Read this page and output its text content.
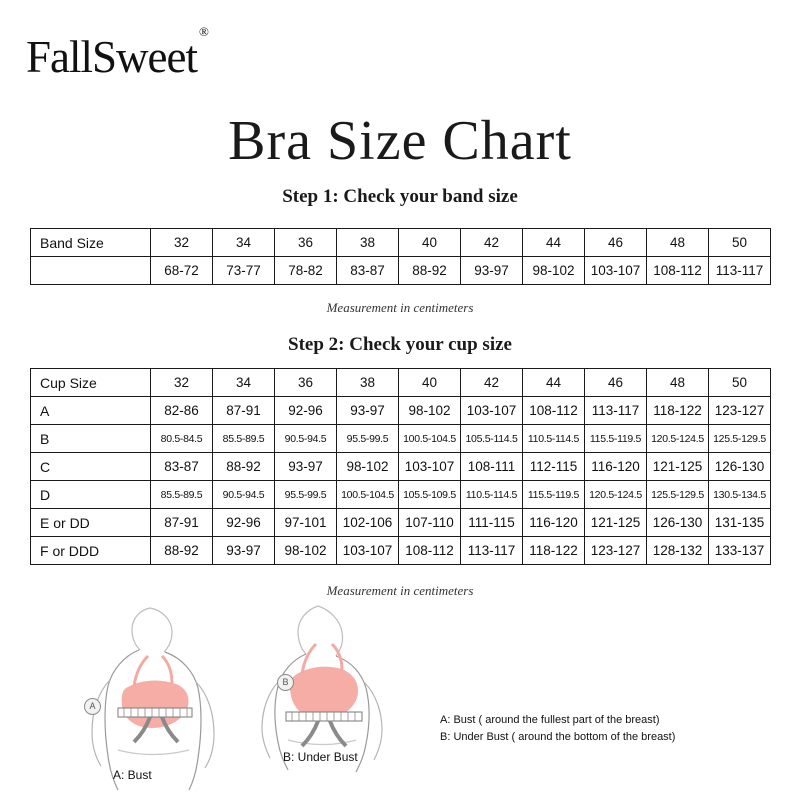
FallSweet®
Bra Size Chart
Step 1: Check your band size
Band Size	32	34	36	38	40	42	44	46	48	50
	68-72	73-77	78-82	83-87	88-92	93-97	98-102	103-107	108-112	113-117
Measurement in centimeters
Step 2: Check your cup size
Cup Size	32	34	36	38	40	42	44	46	48	50
A	82-86	87-91	92-96	93-97	98-102	103-107	108-112	113-117	118-122	123-127
B	80.5-84.5	85.5-89.5	90.5-94.5	95.5-99.5	100.5-104.5	105.5-114.5	110.5-114.5	115.5-119.5	120.5-124.5	125.5-129.5
C	83-87	88-92	93-97	98-102	103-107	108-111	112-115	116-120	121-125	126-130
D	85.5-89.5	90.5-94.5	95.5-99.5	100.5-104.5	105.5-109.5	110.5-114.5	115.5-119.5	120.5-124.5	125.5-129.5	130.5-134.5
E or DD	87-91	92-96	97-101	102-106	107-110	111-115	116-120	121-125	126-130	131-135
F or DDD	88-92	93-97	98-102	103-107	108-112	113-117	118-122	123-127	128-132	133-137
Measurement in centimeters
A
B
A: Bust
B: Under Bust
A: Bust ( around the fullest part of the breast)
B: Under Bust ( around the bottom of the breast)
